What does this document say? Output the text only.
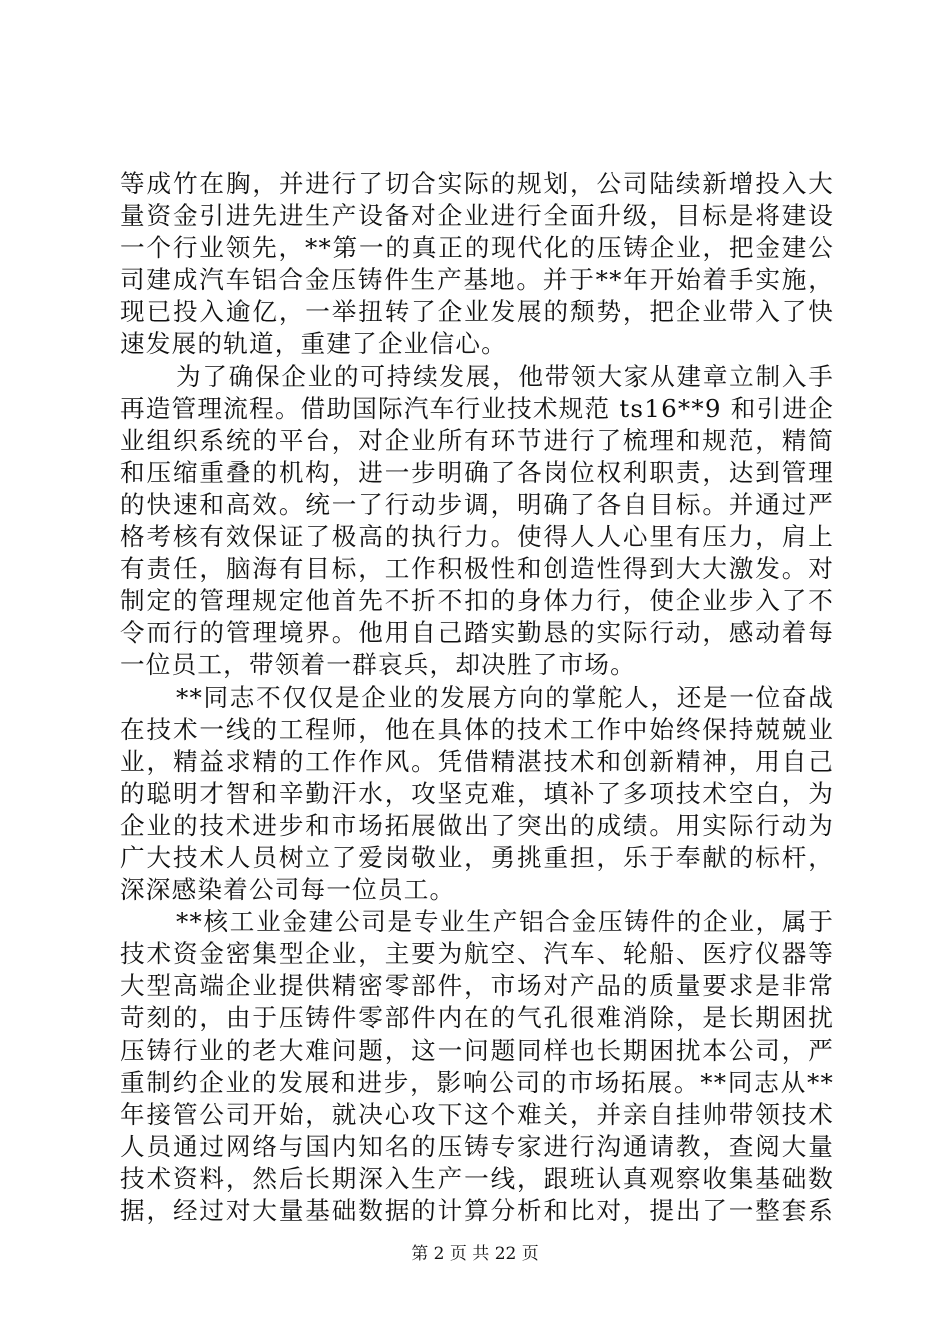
等成竹在胸，并进行了切合实际的规划，公司陆续新增投入大
量资金引进先进生产设备对企业进行全面升级，目标是将建设
一个行业领先，**第一的真正的现代化的压铸企业，把金建公
司建成汽车铝合金压铸件生产基地。并于**年开始着手实施，
现已投入逾亿，一举扭转了企业发展的颓势，把企业带入了快
速发展的轨道，重建了企业信心。
为了确保企业的可持续发展，他带领大家从建章立制入手
再造管理流程。借助国际汽车行业技术规范 ts16**9 和引进企
业组织系统的平台，对企业所有环节进行了梳理和规范，精简
和压缩重叠的机构，进一步明确了各岗位权利职责，达到管理
的快速和高效。统一了行动步调，明确了各自目标。并通过严
格考核有效保证了极高的执行力。使得人人心里有压力，肩上
有责任，脑海有目标，工作积极性和创造性得到大大激发。对
制定的管理规定他首先不折不扣的身体力行，使企业步入了不
令而行的管理境界。他用自己踏实勤恳的实际行动，感动着每
一位员工，带领着一群哀兵，却决胜了市场。
**同志不仅仅是企业的发展方向的掌舵人，还是一位奋战
在技术一线的工程师，他在具体的技术工作中始终保持兢兢业
业，精益求精的工作作风。凭借精湛技术和创新精神，用自己
的聪明才智和辛勤汗水，攻坚克难，填补了多项技术空白，为
企业的技术进步和市场拓展做出了突出的成绩。用实际行动为
广大技术人员树立了爱岗敬业，勇挑重担，乐于奉献的标杆，
深深感染着公司每一位员工。
**核工业金建公司是专业生产铝合金压铸件的企业，属于
技术资金密集型企业，主要为航空、汽车、轮船、医疗仪器等
大型高端企业提供精密零部件，市场对产品的质量要求是非常
苛刻的，由于压铸件零部件内在的气孔很难消除，是长期困扰
压铸行业的老大难问题，这一问题同样也长期困扰本公司，严
重制约企业的发展和进步，影响公司的市场拓展。**同志从**
年接管公司开始，就决心攻下这个难关，并亲自挂帅带领技术
人员通过网络与国内知名的压铸专家进行沟通请教，查阅大量
技术资料，然后长期深入生产一线，跟班认真观察收集基础数
据，经过对大量基础数据的计算分析和比对，提出了一整套系
第 2 页 共 22 页
